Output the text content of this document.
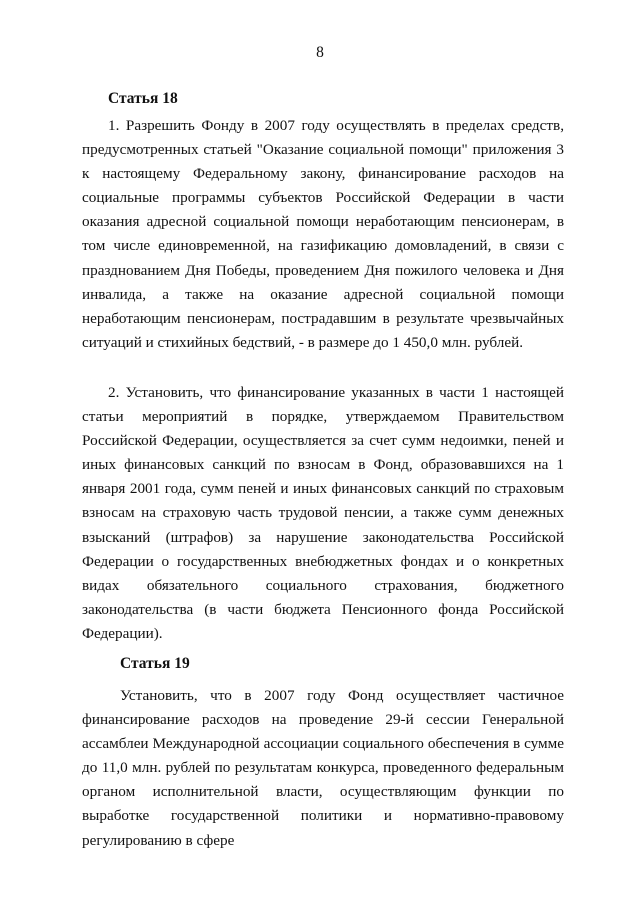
8
Статья 18

1. Разрешить Фонду в 2007 году осуществлять в пределах средств, предусмотренных статьей "Оказание социальной помощи" приложения 3 к настоящему Федеральному закону, финансирование расходов на социальные программы субъектов Российской Федерации в части оказания адресной социальной помощи неработающим пенсионерам, в том числе единовременной, на газификацию домовладений, в связи с празднованием Дня Победы, проведением Дня пожилого человека и Дня инвалида, а также на оказание адресной социальной помощи неработающим пенсионерам, пострадавшим в результате чрезвычайных ситуаций и стихийных бедствий, - в размере до 1 450,0 млн. рублей.

2. Установить, что финансирование указанных в части 1 настоящей статьи мероприятий в порядке, утверждаемом Правительством Российской Федерации, осуществляется за счет сумм недоимки, пеней и иных финансовых санкций по взносам в Фонд, образовавшихся на 1 января 2001 года, сумм пеней и иных финансовых санкций по страховым взносам на страховую часть трудовой пенсии, а также сумм денежных взысканий (штрафов) за нарушение законодательства Российской Федерации о государственных внебюджетных фондах и о конкретных видах обязательного социального страхования, бюджетного законодательства (в части бюджета Пенсионного фонда Российской Федерации).

Статья 19

Установить, что в 2007 году Фонд осуществляет частичное финансирование расходов на проведение 29-й сессии Генеральной ассамблеи Международной ассоциации социального обеспечения в сумме до 11,0 млн. рублей по результатам конкурса, проведенного федеральным органом исполнительной власти, осуществляющим функции по выработке государственной политики и нормативно-правовому регулированию в сфере
